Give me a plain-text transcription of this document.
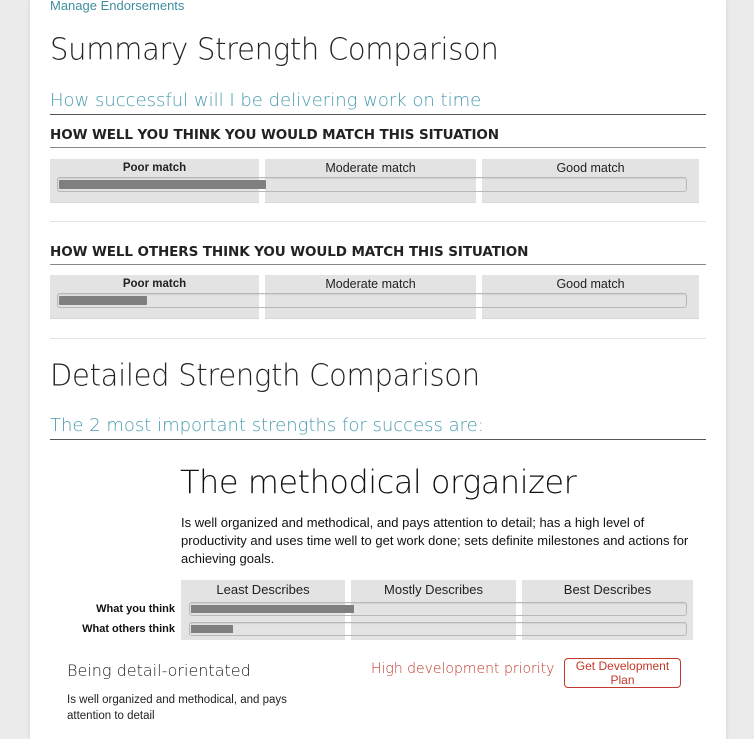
Manage Endorsements
Summary Strength Comparison
How successful will I be delivering work on time
HOW WELL YOU THINK YOU WOULD MATCH THIS SITUATION
Poor match	Moderate match	Good match
HOW WELL OTHERS THINK YOU WOULD MATCH THIS SITUATION
Poor match	Moderate match	Good match
Detailed Strength Comparison
The 2 most important strengths for success are:
The methodical organizer
Is well organized and methodical, and pays attention to detail; has a high level of productivity and uses time well to get work done; sets definite milestones and actions for achieving goals.
What you think
What others think
Least Describes	Mostly Describes	Best Describes
Being detail-orientated
Is well organized and methodical, and pays attention to detail
High development priority	Get Development Plan
